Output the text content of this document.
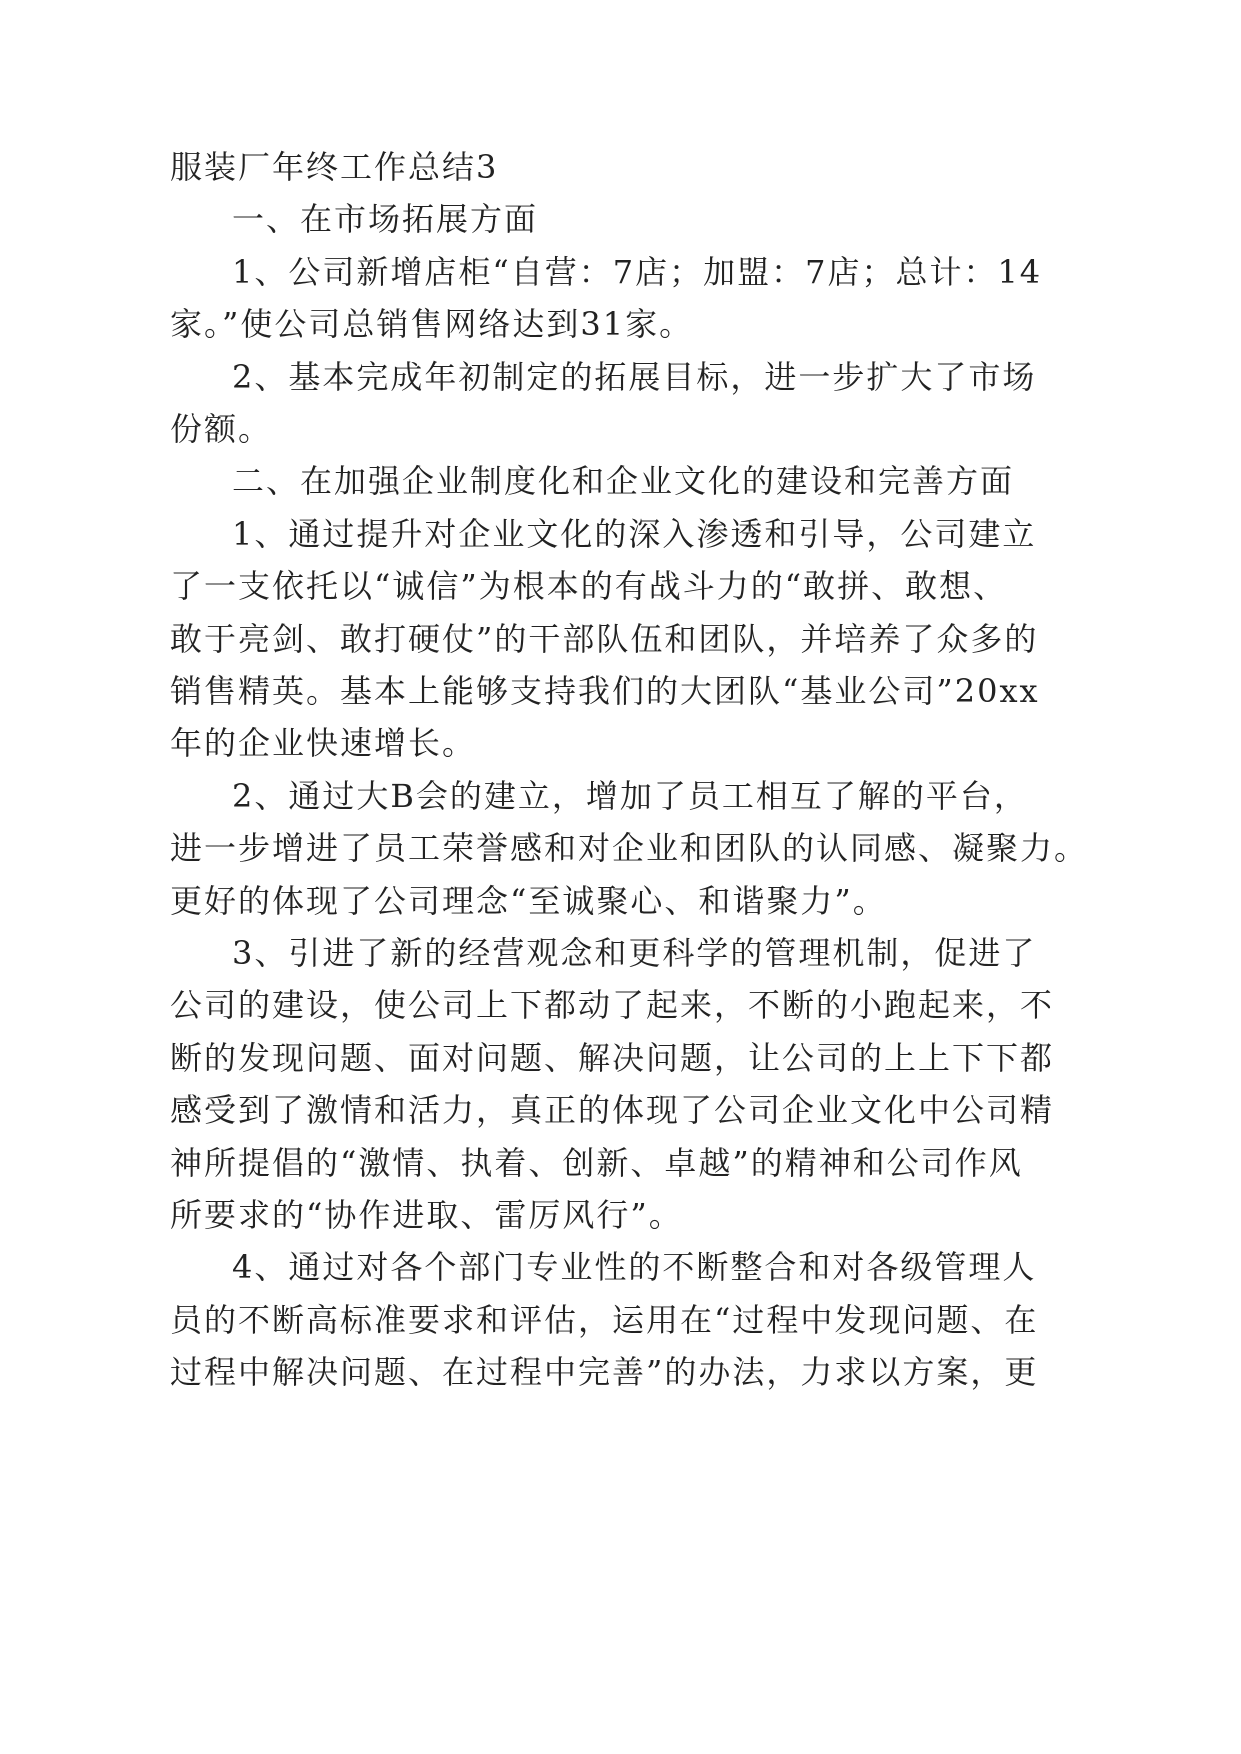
服装厂年终工作总结3
一、在市场拓展方面
1、公司新增店柜“自营：7店；加盟：7店；总计：14
家。”使公司总销售网络达到31家。
2、基本完成年初制定的拓展目标，进一步扩大了市场
份额。
二、在加强企业制度化和企业文化的建设和完善方面
1、通过提升对企业文化的深入渗透和引导，公司建立
了一支依托以“诚信”为根本的有战斗力的“敢拼、敢想、
敢于亮剑、敢打硬仗”的干部队伍和团队，并培养了众多的
销售精英。基本上能够支持我们的大团队“基业公司”20xx
年的企业快速增长。
2、通过大B会的建立，增加了员工相互了解的平台，
进一步增进了员工荣誉感和对企业和团队的认同感、凝聚力。
更好的体现了公司理念“至诚聚心、和谐聚力”。
3、引进了新的经营观念和更科学的管理机制，促进了
公司的建设，使公司上下都动了起来，不断的小跑起来，不
断的发现问题、面对问题、解决问题，让公司的上上下下都
感受到了激情和活力，真正的体现了公司企业文化中公司精
神所提倡的“激情、执着、创新、卓越”的精神和公司作风
所要求的“协作进取、雷厉风行”。
4、通过对各个部门专业性的不断整合和对各级管理人
员的不断高标准要求和评估，运用在“过程中发现问题、在
过程中解决问题、在过程中完善”的办法，力求以方案，更
